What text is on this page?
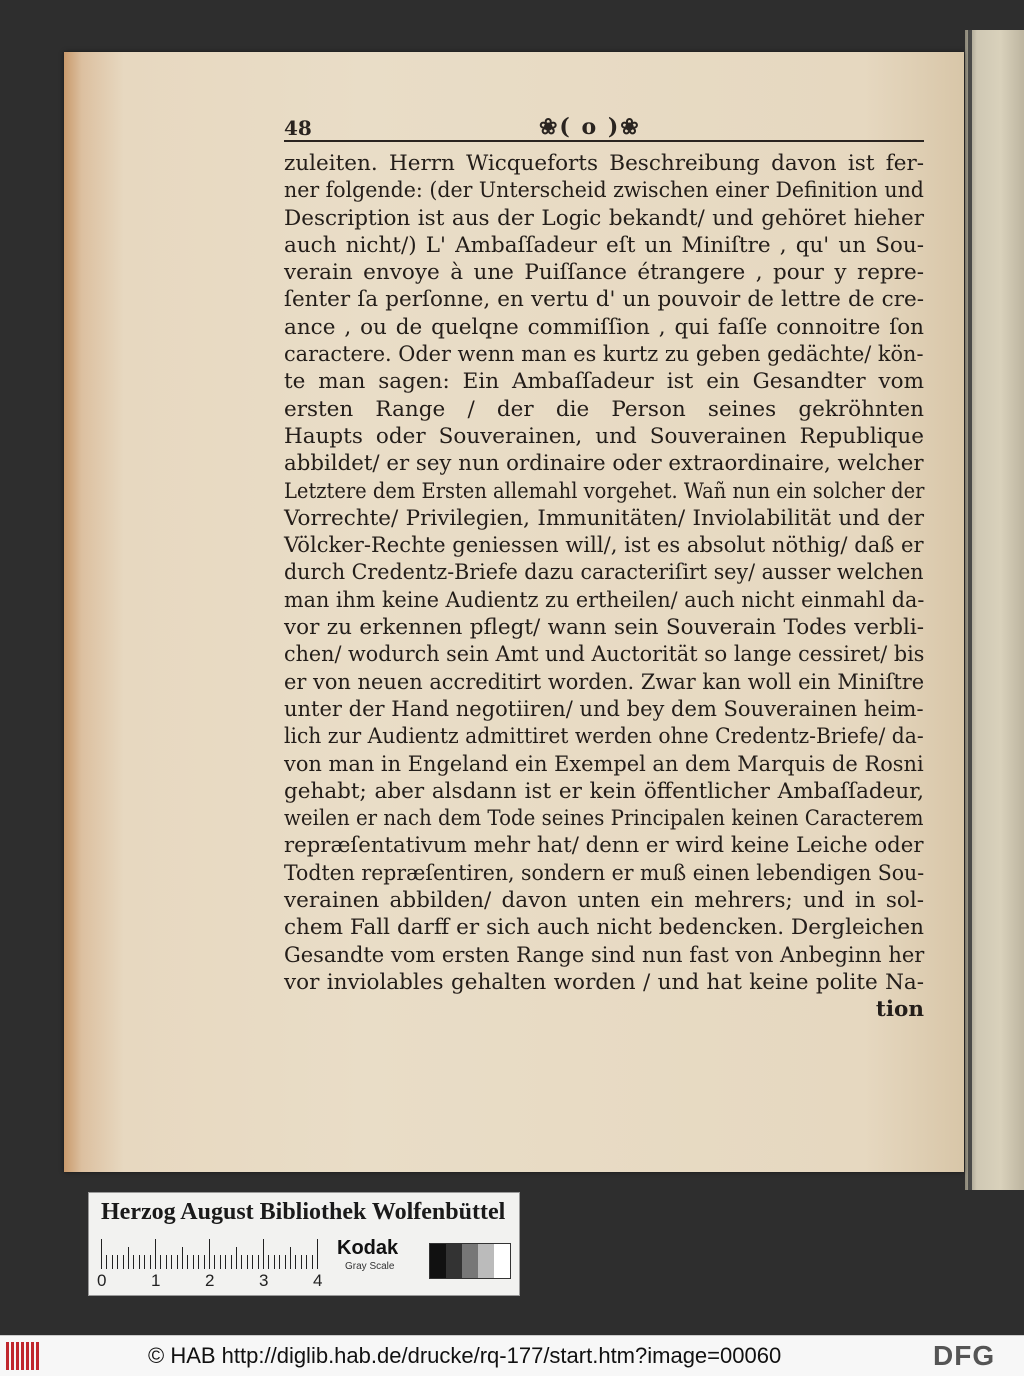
48	❀( o )❀
zuleiten. Herrn Wicqueforts Beschreibung davon ist fer-
ner folgende: (der Unterscheid zwischen einer Definition und
Description ist aus der Logic bekandt/ und gehöret hieher
auch nicht/) L' Ambaſſadeur eſt un Miniſtre , qu' un Sou-
verain envoye à une Puiſſance étrangere , pour y repre-
ſenter ſa perſonne, en vertu d' un pouvoir de lettre de cre-
ance , ou de quelqne commiſſion , qui faſſe connoitre ſon
caractere. Oder wenn man es kurtz zu geben gedächte/ kön-
te man sagen: Ein Ambaſſadeur ist ein Gesandter vom
ersten Range / der die Person seines gekröhnten
Haupts oder Souverainen, und Souverainen Republique
abbildet/ er sey nun ordinaire oder extraordinaire, welcher
Letztere dem Ersten allemahl vorgehet. Wañ nun ein solcher der
Vorrechte/ Privilegien, Immunitäten/ Inviolabilität und der
Völcker-Rechte geniessen will/, ist es absolut nöthig/ daß er
durch Credentz-Briefe dazu caracteriſirt sey/ ausser welchen
man ihm keine Audientz zu ertheilen/ auch nicht einmahl da-
vor zu erkennen pflegt/ wann sein Souverain Todes verbli-
chen/ wodurch sein Amt und Auctorität so lange cessiret/ bis
er von neuen accreditirt worden. Zwar kan woll ein Miniſtre
unter der Hand negotiiren/ und bey dem Souverainen heim-
lich zur Audientz admittiret werden ohne Credentz-Briefe/ da-
von man in Engeland ein Exempel an dem Marquis de Rosni
gehabt; aber alsdann ist er kein öffentlicher Ambaſſadeur,
weilen er nach dem Tode seines Principalen keinen Caracterem
repræſentativum mehr hat/ denn er wird keine Leiche oder
Todten repræſentiren, sondern er muß einen lebendigen Sou-
verainen abbilden/ davon unten ein mehrers; und in sol-
chem Fall darff er sich auch nicht bedencken. Dergleichen
Gesandte vom ersten Range sind nun fast von Anbeginn her
vor inviolables gehalten worden / und hat keine polite Na-
tion
Herzog August Bibliothek Wolfenbüttel
0	1	2	3	4
Kodak
Gray Scale
© HAB http://diglib.hab.de/drucke/rq-177/start.htm?image=00060	DFG
